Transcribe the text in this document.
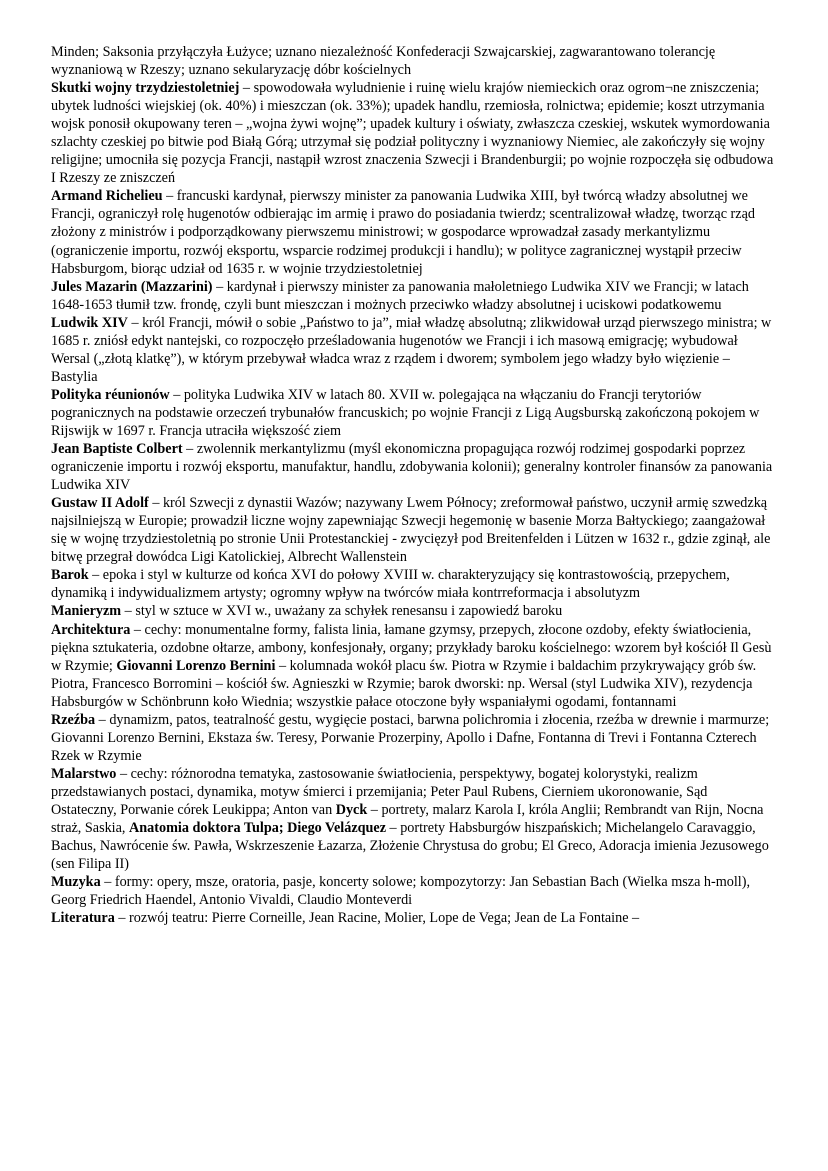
Minden; Saksonia przyłączyła Łużyce; uznano niezależność Konfederacji Szwajcarskiej, zagwarantowano tolerancję wyznaniową w Rzeszy; uznano sekularyzację dóbr kościelnych

Skutki wojny trzydziestoletniej – spowodowała wyludnienie i ruinę wielu krajów niemieckich oraz ogrom¬ne zniszczenia; ubytek ludności wiejskiej (ok. 40%) i mieszczan (ok. 33%); upadek handlu, rzemiosła, rolnictwa; epidemie; koszt utrzymania wojsk ponosił okupowany teren – „wojna żywi wojnę”; upadek kultury i oświaty, zwłaszcza czeskiej, wskutek wymordowania szlachty czeskiej po bitwie pod Białą Górą; utrzymał się podział polityczny i wyznaniowy Niemiec, ale zakończyły się wojny religijne; umocniła się pozycja Francji, nastąpił wzrost znaczenia Szwecji i Brandenburgii; po wojnie rozpoczęła się odbudowa I Rzeszy ze zniszczeń

Armand Richelieu – francuski kardynał, pierwszy minister za panowania Ludwika XIII, był twórcą władzy absolutnej we Francji, ograniczył rolę hugenotów odbierając im armię i prawo do posiadania twierdz; scentralizował władzę, tworząc rząd złożony z ministrów i podporządkowany pierwszemu ministrowi; w gospodarce wprowadzał zasady merkantylizmu (ograniczenie importu, rozwój eksportu, wsparcie rodzimej produkcji i handlu); w polityce zagranicznej wystąpił przeciw Habsburgom, biorąc udział od 1635 r. w wojnie trzydziestoletniej

Jules Mazarin (Mazzarini) – kardynał i pierwszy minister za panowania małoletniego Ludwika XIV we Francji; w latach 1648-1653 tłumił tzw. frondę, czyli bunt mieszczan i możnych przeciwko władzy absolutnej i uciskowi podatkowemu

Ludwik XIV – król Francji, mówił o sobie „Państwo to ja”, miał władzę absolutną; zlikwidował urząd pierwszego ministra; w 1685 r. zniósł edykt nantejski, co rozpoczęło prześladowania hugenotów we Francji i ich masową emigrację; wybudował Wersal („złotą klatkę”), w którym przebywał władca wraz z rządem i dworem; symbolem jego władzy było więzienie – Bastylia

Polityka réunionów – polityka Ludwika XIV w latach 80. XVII w. polegająca na włączaniu do Francji terytoriów pogranicznych na podstawie orzeczeń trybunałów francuskich; po wojnie Francji z Ligą Augsburską zakończoną pokojem w Rijswijk w 1697 r. Francja utraciła większość ziem

Jean Baptiste Colbert – zwolennik merkantylizmu (myśl ekonomiczna propagująca rozwój rodzimej gospodarki poprzez ograniczenie importu i rozwój eksportu, manufaktur, handlu, zdobywania kolonii); generalny kontroler finansów za panowania Ludwika XIV

Gustaw II Adolf – król Szwecji z dynastii Wazów; nazywany Lwem Północy; zreformował państwo, uczynił armię szwedzką najsilniejszą w Europie; prowadził liczne wojny zapewniając Szwecji hegemonię w basenie Morza Bałtyckiego; zaangażował się w wojnę trzydziestoletnią po stronie Unii Protestanckiej - zwycięzył pod Breitenfelden i Lützen w 1632 r., gdzie zginął, ale bitwę przegrał dowódca Ligi Katolickiej, Albrecht Wallenstein

Barok – epoka i styl w kulturze od końca XVI do połowy XVIII w. charakteryzujący się kontrastowością, przepychem, dynamiką i indywidualizmem artysty; ogromny wpływ na twórców miała kontrreformacja i absolutyzm

Manieryzm – styl w sztuce w XVI w., uważany za schyłek renesansu i zapowiedź baroku

Architektura – cechy: monumentalne formy, falista linia, łamane gzymsy, przepych, złocone ozdoby, efekty światłocienia, piękna sztukateria, ozdobne ołtarze, ambony, konfesjonały, organy; przykłady baroku kościelnego: wzorem był kościół Il Gesù w Rzymie; Giovanni Lorenzo Bernini – kolumnada wokół placu św. Piotra w Rzymie i baldachim przykrywający grób św. Piotra, Francesco Borromini – kościół św. Agnieszki w Rzymie; barok dworski: np. Wersal (styl Ludwika XIV), rezydencja Habsburgów w Schönbrunn koło Wiednia; wszystkie pałace otoczone były wspaniałymi ogodami, fontannami

Rzeźba – dynamizm, patos, teatralność gestu, wygięcie postaci, barwna polichromia i złocenia, rzeźba w drewnie i marmurze; Giovanni Lorenzo Bernini, Ekstaza św. Teresy, Porwanie Prozerpiny, Apollo i Dafne, Fontanna di Trevi i Fontanna Czterech Rzek w Rzymie

Malarstwo – cechy: różnorodna tematyka, zastosowanie światłocienia, perspektywy, bogatej kolorystyki, realizm przedstawianych postaci, dynamika, motyw śmierci i przemijania; Peter Paul Rubens, Cierniem ukoronowanie, Sąd Ostateczny, Porwanie córek Leukippa; Anton van Dyck – portrety, malarz Karola I, króla Anglii; Rembrandt van Rijn, Nocna straż, Saskia, Anatomia doktora Tulpa; Diego Velázquez – portrety Habsburgów hiszpańskich; Michelangelo Caravaggio, Bachus, Nawrócenie św. Pawła, Wskrzeszenie Łazarza, Złożenie Chrystusa do grobu; El Greco, Adoracja imienia Jezusowego (sen Filipa II)

Muzyka – formy: opery, msze, oratoria, pasje, koncerty solowe; kompozytorzy: Jan Sebastian Bach (Wielka msza h-moll), Georg Friedrich Haendel, Antonio Vivaldi, Claudio Monteverdi

Literatura – rozwój teatru: Pierre Corneille, Jean Racine, Molier, Lope de Vega; Jean de La Fontaine –
